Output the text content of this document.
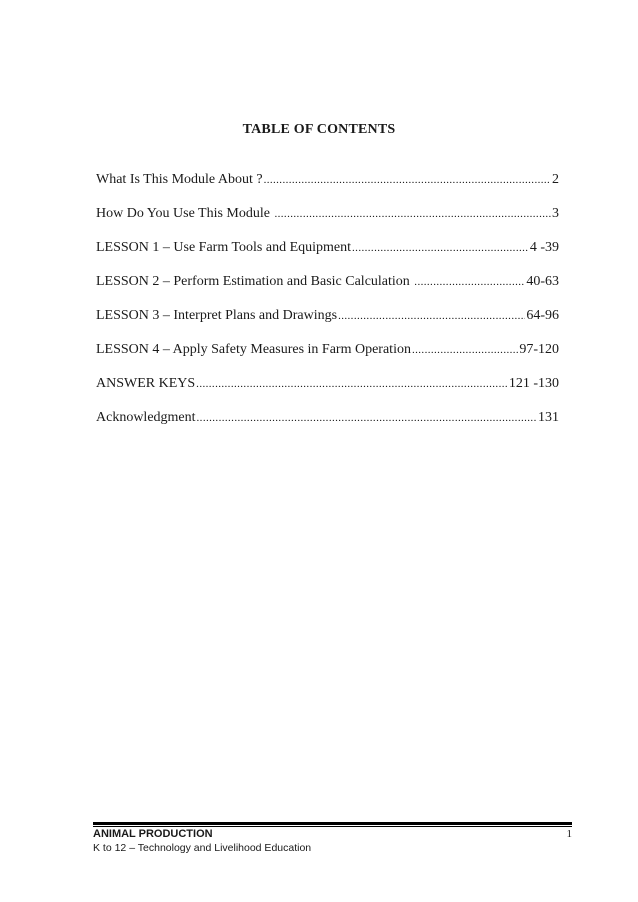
TABLE OF CONTENTS
What Is This Module About ? .....	2
How Do You Use This Module .....	3
LESSON 1 – Use Farm Tools and Equipment .....	4 -39
LESSON 2 – Perform Estimation and Basic Calculation .....	40-63
LESSON 3 – Interpret Plans and Drawings .....	64-96
LESSON 4 – Apply Safety Measures in Farm Operation .....	97-120
ANSWER KEYS .....	121 -130
Acknowledgment .....	131
ANIMAL PRODUCTION	1
K to 12 – Technology and Livelihood Education
